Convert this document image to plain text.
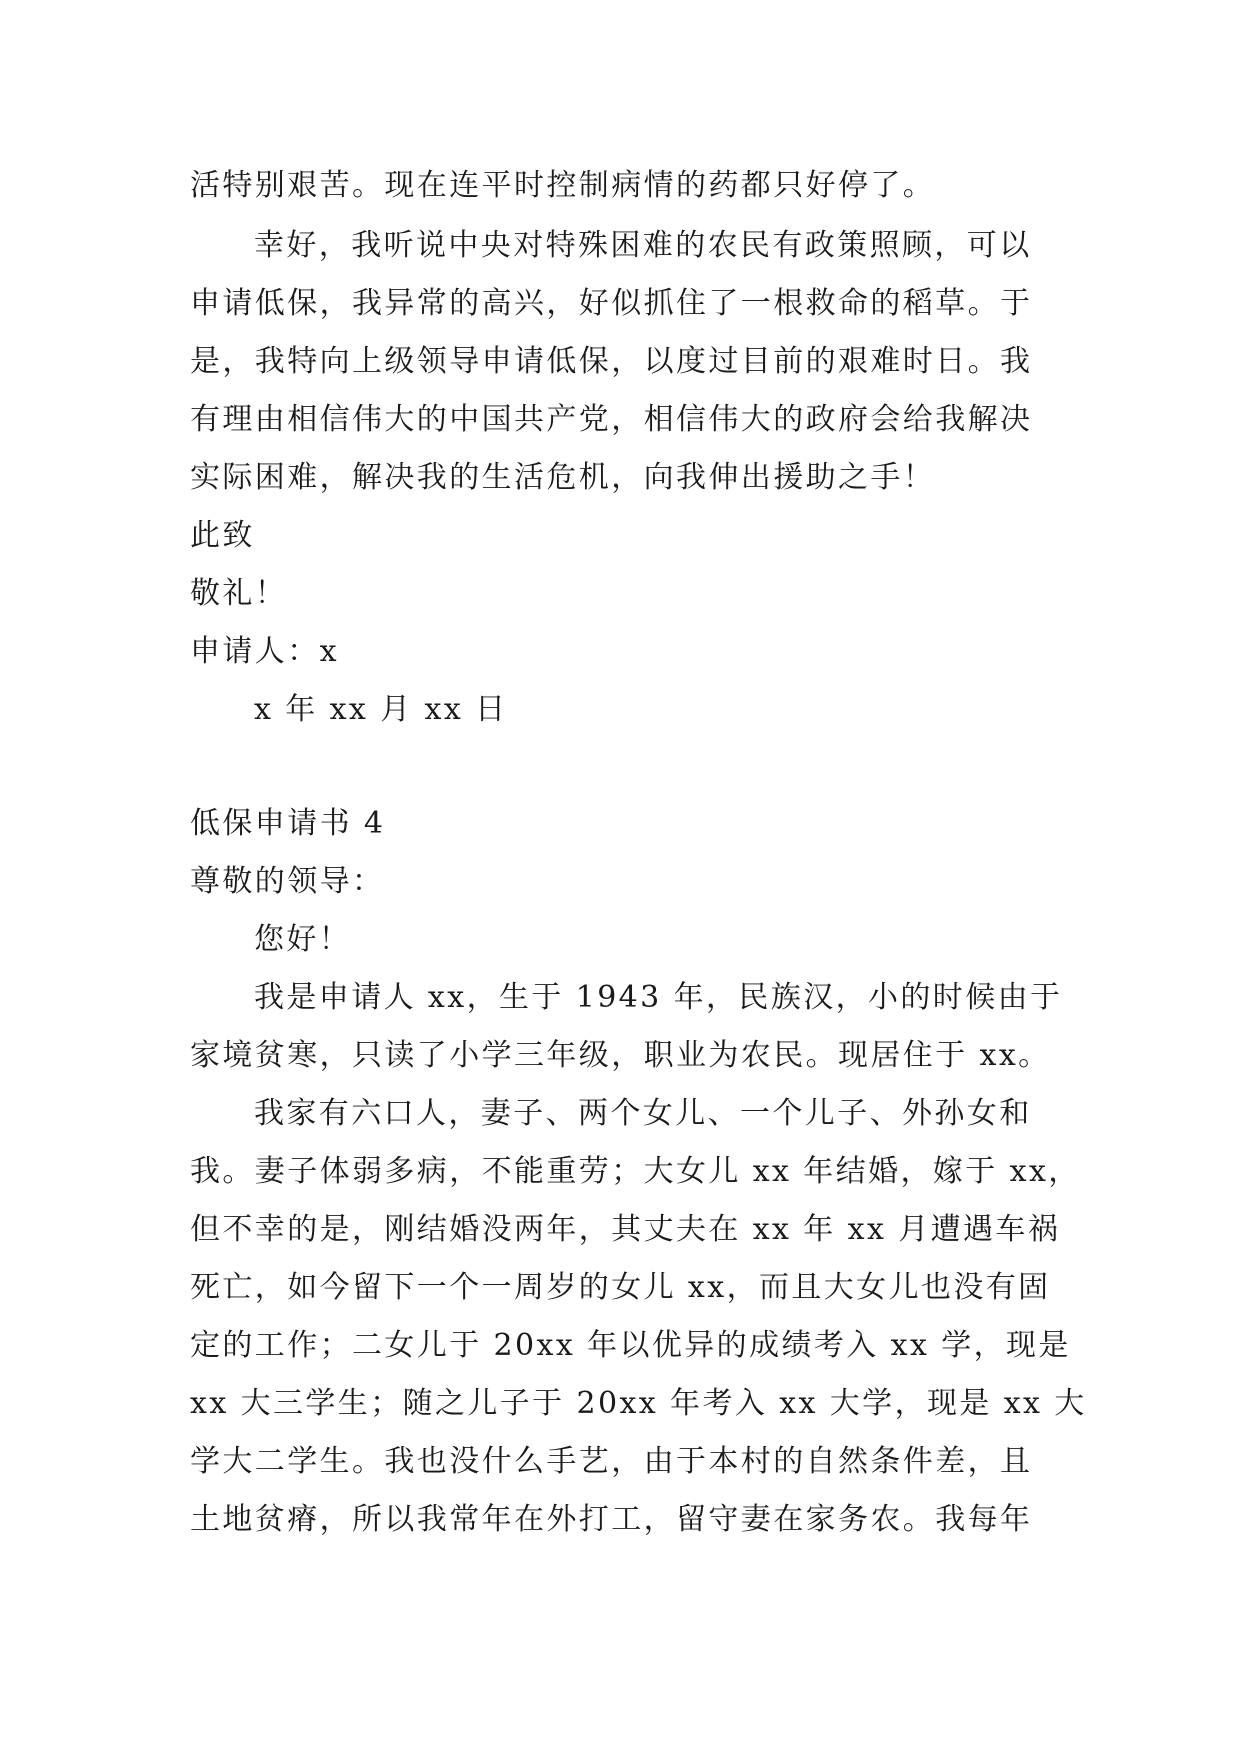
活特别艰苦。现在连平时控制病情的药都只好停了。

幸好，我听说中央对特殊困难的农民有政策照顾，可以

申请低保，我异常的高兴，好似抓住了一根救命的稻草。于

是，我特向上级领导申请低保，以度过目前的艰难时日。我

有理由相信伟大的中国共产党，相信伟大的政府会给我解决

实际困难，解决我的生活危机，向我伸出援助之手！

此致

敬礼！

申请人：x

x 年 xx 月 xx 日

低保申请书 4

尊敬的领导：

您好！

我是申请人 xx，生于 1943 年，民族汉，小的时候由于

家境贫寒，只读了小学三年级，职业为农民。现居住于 xx。

我家有六口人，妻子、两个女儿、一个儿子、外孙女和

我。妻子体弱多病，不能重劳；大女儿 xx 年结婚，嫁于 xx，

但不幸的是，刚结婚没两年，其丈夫在 xx 年 xx 月遭遇车祸

死亡，如今留下一个一周岁的女儿 xx，而且大女儿也没有固

定的工作；二女儿于 20xx 年以优异的成绩考入 xx 学，现是

xx 大三学生；随之儿子于 20xx 年考入 xx 大学，现是 xx 大

学大二学生。我也没什么手艺，由于本村的自然条件差，且

土地贫瘠，所以我常年在外打工，留守妻在家务农。我每年
